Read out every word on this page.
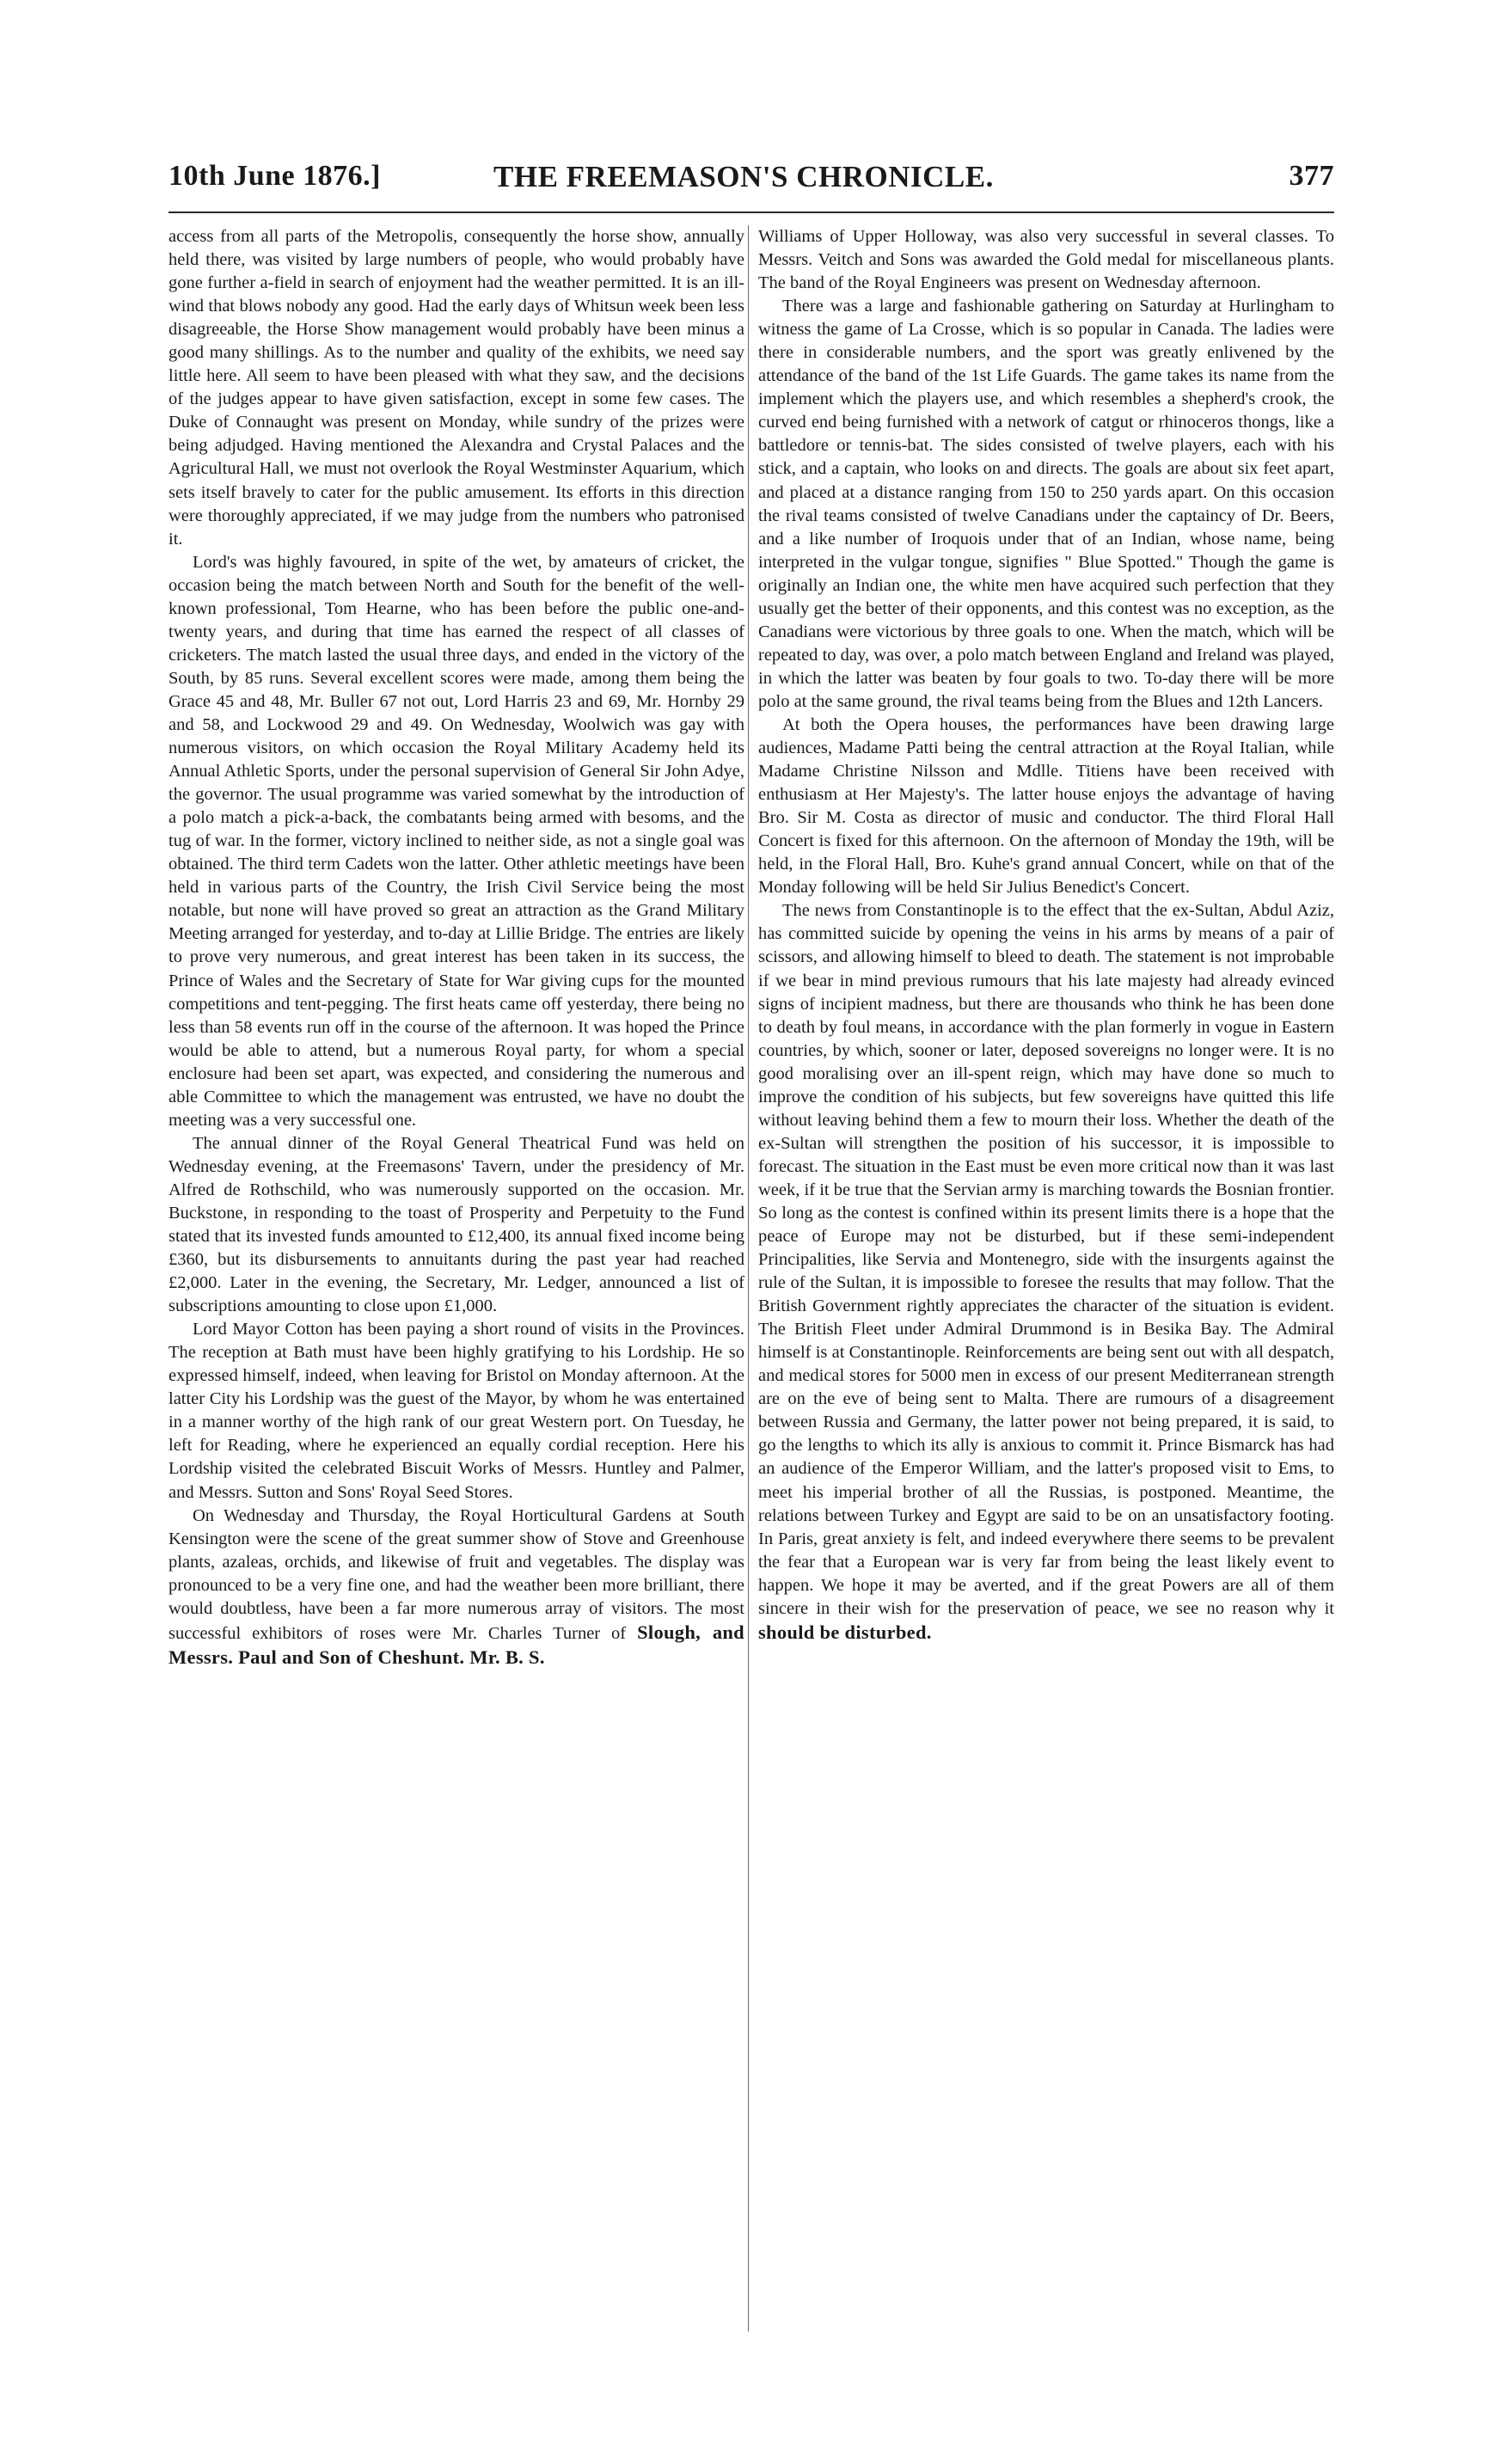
10th June 1876.]	THE FREEMASON'S CHRONICLE.	377

access from all parts of the Metropolis, consequently the horse show, annually held there, was visited by large numbers of people, who would probably have gone further a-field in search of enjoyment had the weather permitted. It is an ill-wind that blows nobody any good. Had the early days of Whitsun week been less disagreeable, the Horse Show management would probably have been minus a good many shillings. As to the number and quality of the exhibits, we need say little here. All seem to have been pleased with what they saw, and the decisions of the judges appear to have given satisfaction, except in some few cases. The Duke of Connaught was present on Monday, while sundry of the prizes were being adjudged. Having mentioned the Alexandra and Crystal Palaces and the Agricultural Hall, we must not overlook the Royal Westminster Aquarium, which sets itself bravely to cater for the public amusement. Its efforts in this direction were thoroughly appreciated, if we may judge from the numbers who patronised it.

Lord's was highly favoured, in spite of the wet, by amateurs of cricket, the occasion being the match between North and South for the benefit of the well-known professional, Tom Hearne, who has been before the public one-and-twenty years, and during that time has earned the respect of all classes of cricketers. The match lasted the usual three days, and ended in the victory of the South, by 85 runs. Several excellent scores were made, among them being the Grace 45 and 48, Mr. Buller 67 not out, Lord Harris 23 and 69, Mr. Hornby 29 and 58, and Lockwood 29 and 49. On Wednesday, Woolwich was gay with numerous visitors, on which occasion the Royal Military Academy held its Annual Athletic Sports, under the personal supervision of General Sir John Adye, the governor. The usual programme was varied somewhat by the introduction of a polo match a pick-a-back, the combatants being armed with besoms, and the tug of war. In the former, victory inclined to neither side, as not a single goal was obtained. The third term Cadets won the latter. Other athletic meetings have been held in various parts of the Country, the Irish Civil Service being the most notable, but none will have proved so great an attraction as the Grand Military Meeting arranged for yesterday, and to-day at Lillie Bridge. The entries are likely to prove very numerous, and great interest has been taken in its success, the Prince of Wales and the Secretary of State for War giving cups for the mounted competitions and tent-pegging. The first heats came off yesterday, there being no less than 58 events run off in the course of the afternoon. It was hoped the Prince would be able to attend, but a numerous Royal party, for whom a special enclosure had been set apart, was expected, and considering the numerous and able Committee to which the management was entrusted, we have no doubt the meeting was a very successful one.

The annual dinner of the Royal General Theatrical Fund was held on Wednesday evening, at the Freemasons' Tavern, under the presidency of Mr. Alfred de Rothschild, who was numerously supported on the occasion. Mr. Buckstone, in responding to the toast of Prosperity and Perpetuity to the Fund stated that its invested funds amounted to £12,400, its annual fixed income being £360, but its disbursements to annuitants during the past year had reached £2,000. Later in the evening, the Secretary, Mr. Ledger, announced a list of subscriptions amounting to close upon £1,000.

Lord Mayor Cotton has been paying a short round of visits in the Provinces. The reception at Bath must have been highly gratifying to his Lordship. He so expressed himself, indeed, when leaving for Bristol on Monday afternoon. At the latter City his Lordship was the guest of the Mayor, by whom he was entertained in a manner worthy of the high rank of our great Western port. On Tuesday, he left for Reading, where he experienced an equally cordial reception. Here his Lordship visited the celebrated Biscuit Works of Messrs. Huntley and Palmer, and Messrs. Sutton and Sons' Royal Seed Stores.

On Wednesday and Thursday, the Royal Horticultural Gardens at South Kensington were the scene of the great summer show of Stove and Greenhouse plants, azaleas, orchids, and likewise of fruit and vegetables. The display was pronounced to be a very fine one, and had the weather been more brilliant, there would doubtless, have been a far more numerous array of visitors. The most successful exhibitors of roses were Mr. Charles Turner of Slough, and Messrs. Paul and Son of Cheshunt. Mr. B. S.

Williams of Upper Holloway, was also very successful in several classes. To Messrs. Veitch and Sons was awarded the Gold medal for miscellaneous plants. The band of the Royal Engineers was present on Wednesday afternoon.

There was a large and fashionable gathering on Saturday at Hurlingham to witness the game of La Crosse, which is so popular in Canada. The ladies were there in considerable numbers, and the sport was greatly enlivened by the attendance of the band of the 1st Life Guards. The game takes its name from the implement which the players use, and which resembles a shepherd's crook, the curved end being furnished with a network of catgut or rhinoceros thongs, like a battledore or tennis-bat. The sides consisted of twelve players, each with his stick, and a captain, who looks on and directs. The goals are about six feet apart, and placed at a distance ranging from 150 to 250 yards apart. On this occasion the rival teams consisted of twelve Canadians under the captaincy of Dr. Beers, and a like number of Iroquois under that of an Indian, whose name, being interpreted in the vulgar tongue, signifies " Blue Spotted." Though the game is originally an Indian one, the white men have acquired such perfection that they usually get the better of their opponents, and this contest was no exception, as the Canadians were victorious by three goals to one. When the match, which will be repeated to day, was over, a polo match between England and Ireland was played, in which the latter was beaten by four goals to two. To-day there will be more polo at the same ground, the rival teams being from the Blues and 12th Lancers.

At both the Opera houses, the performances have been drawing large audiences, Madame Patti being the central attraction at the Royal Italian, while Madame Christine Nilsson and Mdlle. Titiens have been received with enthusiasm at Her Majesty's. The latter house enjoys the advantage of having Bro. Sir M. Costa as director of music and conductor. The third Floral Hall Concert is fixed for this afternoon. On the afternoon of Monday the 19th, will be held, in the Floral Hall, Bro. Kuhe's grand annual Concert, while on that of the Monday following will be held Sir Julius Benedict's Concert.

The news from Constantinople is to the effect that the ex-Sultan, Abdul Aziz, has committed suicide by opening the veins in his arms by means of a pair of scissors, and allowing himself to bleed to death. The statement is not improbable if we bear in mind previous rumours that his late majesty had already evinced signs of incipient madness, but there are thousands who think he has been done to death by foul means, in accordance with the plan formerly in vogue in Eastern countries, by which, sooner or later, deposed sovereigns no longer were. It is no good moralising over an ill-spent reign, which may have done so much to improve the condition of his subjects, but few sovereigns have quitted this life without leaving behind them a few to mourn their loss. Whether the death of the ex-Sultan will strengthen the position of his successor, it is impossible to forecast. The situation in the East must be even more critical now than it was last week, if it be true that the Servian army is marching towards the Bosnian frontier. So long as the contest is confined within its present limits there is a hope that the peace of Europe may not be disturbed, but if these semi-independent Principalities, like Servia and Montenegro, side with the insurgents against the rule of the Sultan, it is impossible to foresee the results that may follow. That the British Government rightly appreciates the character of the situation is evident. The British Fleet under Admiral Drummond is in Besika Bay. The Admiral himself is at Constantinople. Reinforcements are being sent out with all despatch, and medical stores for 5000 men in excess of our present Mediterranean strength are on the eve of being sent to Malta. There are rumours of a disagreement between Russia and Germany, the latter power not being prepared, it is said, to go the lengths to which its ally is anxious to commit it. Prince Bismarck has had an audience of the Emperor William, and the latter's proposed visit to Ems, to meet his imperial brother of all the Russias, is postponed. Meantime, the relations between Turkey and Egypt are said to be on an unsatisfactory footing. In Paris, great anxiety is felt, and indeed everywhere there seems to be prevalent the fear that a European war is very far from being the least likely event to happen. We hope it may be averted, and if the great Powers are all of them sincere in their wish for the preservation of peace, we see no reason why it should be disturbed.
